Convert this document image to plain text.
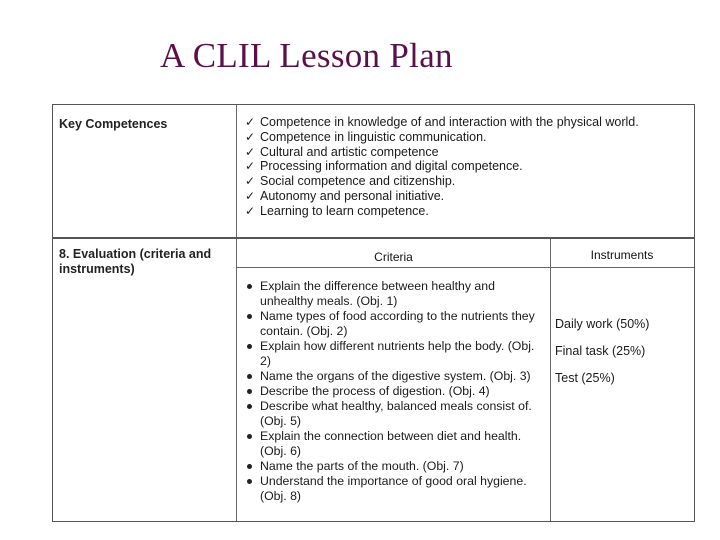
A CLIL Lesson Plan
Key Competences	✓ Competence in knowledge of and interaction with the physical world.
✓ Competence in linguistic communication.
✓ Cultural and artistic competence
✓ Processing information and digital competence.
✓ Social competence and citizenship.
✓ Autonomy and personal initiative.
✓ Learning to learn competence.
8. Evaluation (criteria and instruments)
Criteria	Instruments
Explain the difference between healthy and unhealthy meals. (Obj. 1)
Name types of food according to the nutrients they contain. (Obj. 2)
Explain how different nutrients help the body. (Obj. 2)
Name the organs of the digestive system. (Obj. 3)
Describe the process of digestion. (Obj. 4)
Describe what healthy, balanced meals consist of. (Obj. 5)
Explain the connection between diet and health. (Obj. 6)
Name the parts of the mouth. (Obj. 7)
Understand the importance of good oral hygiene. (Obj. 8)
Daily work (50%)
Final task (25%)
Test (25%)
